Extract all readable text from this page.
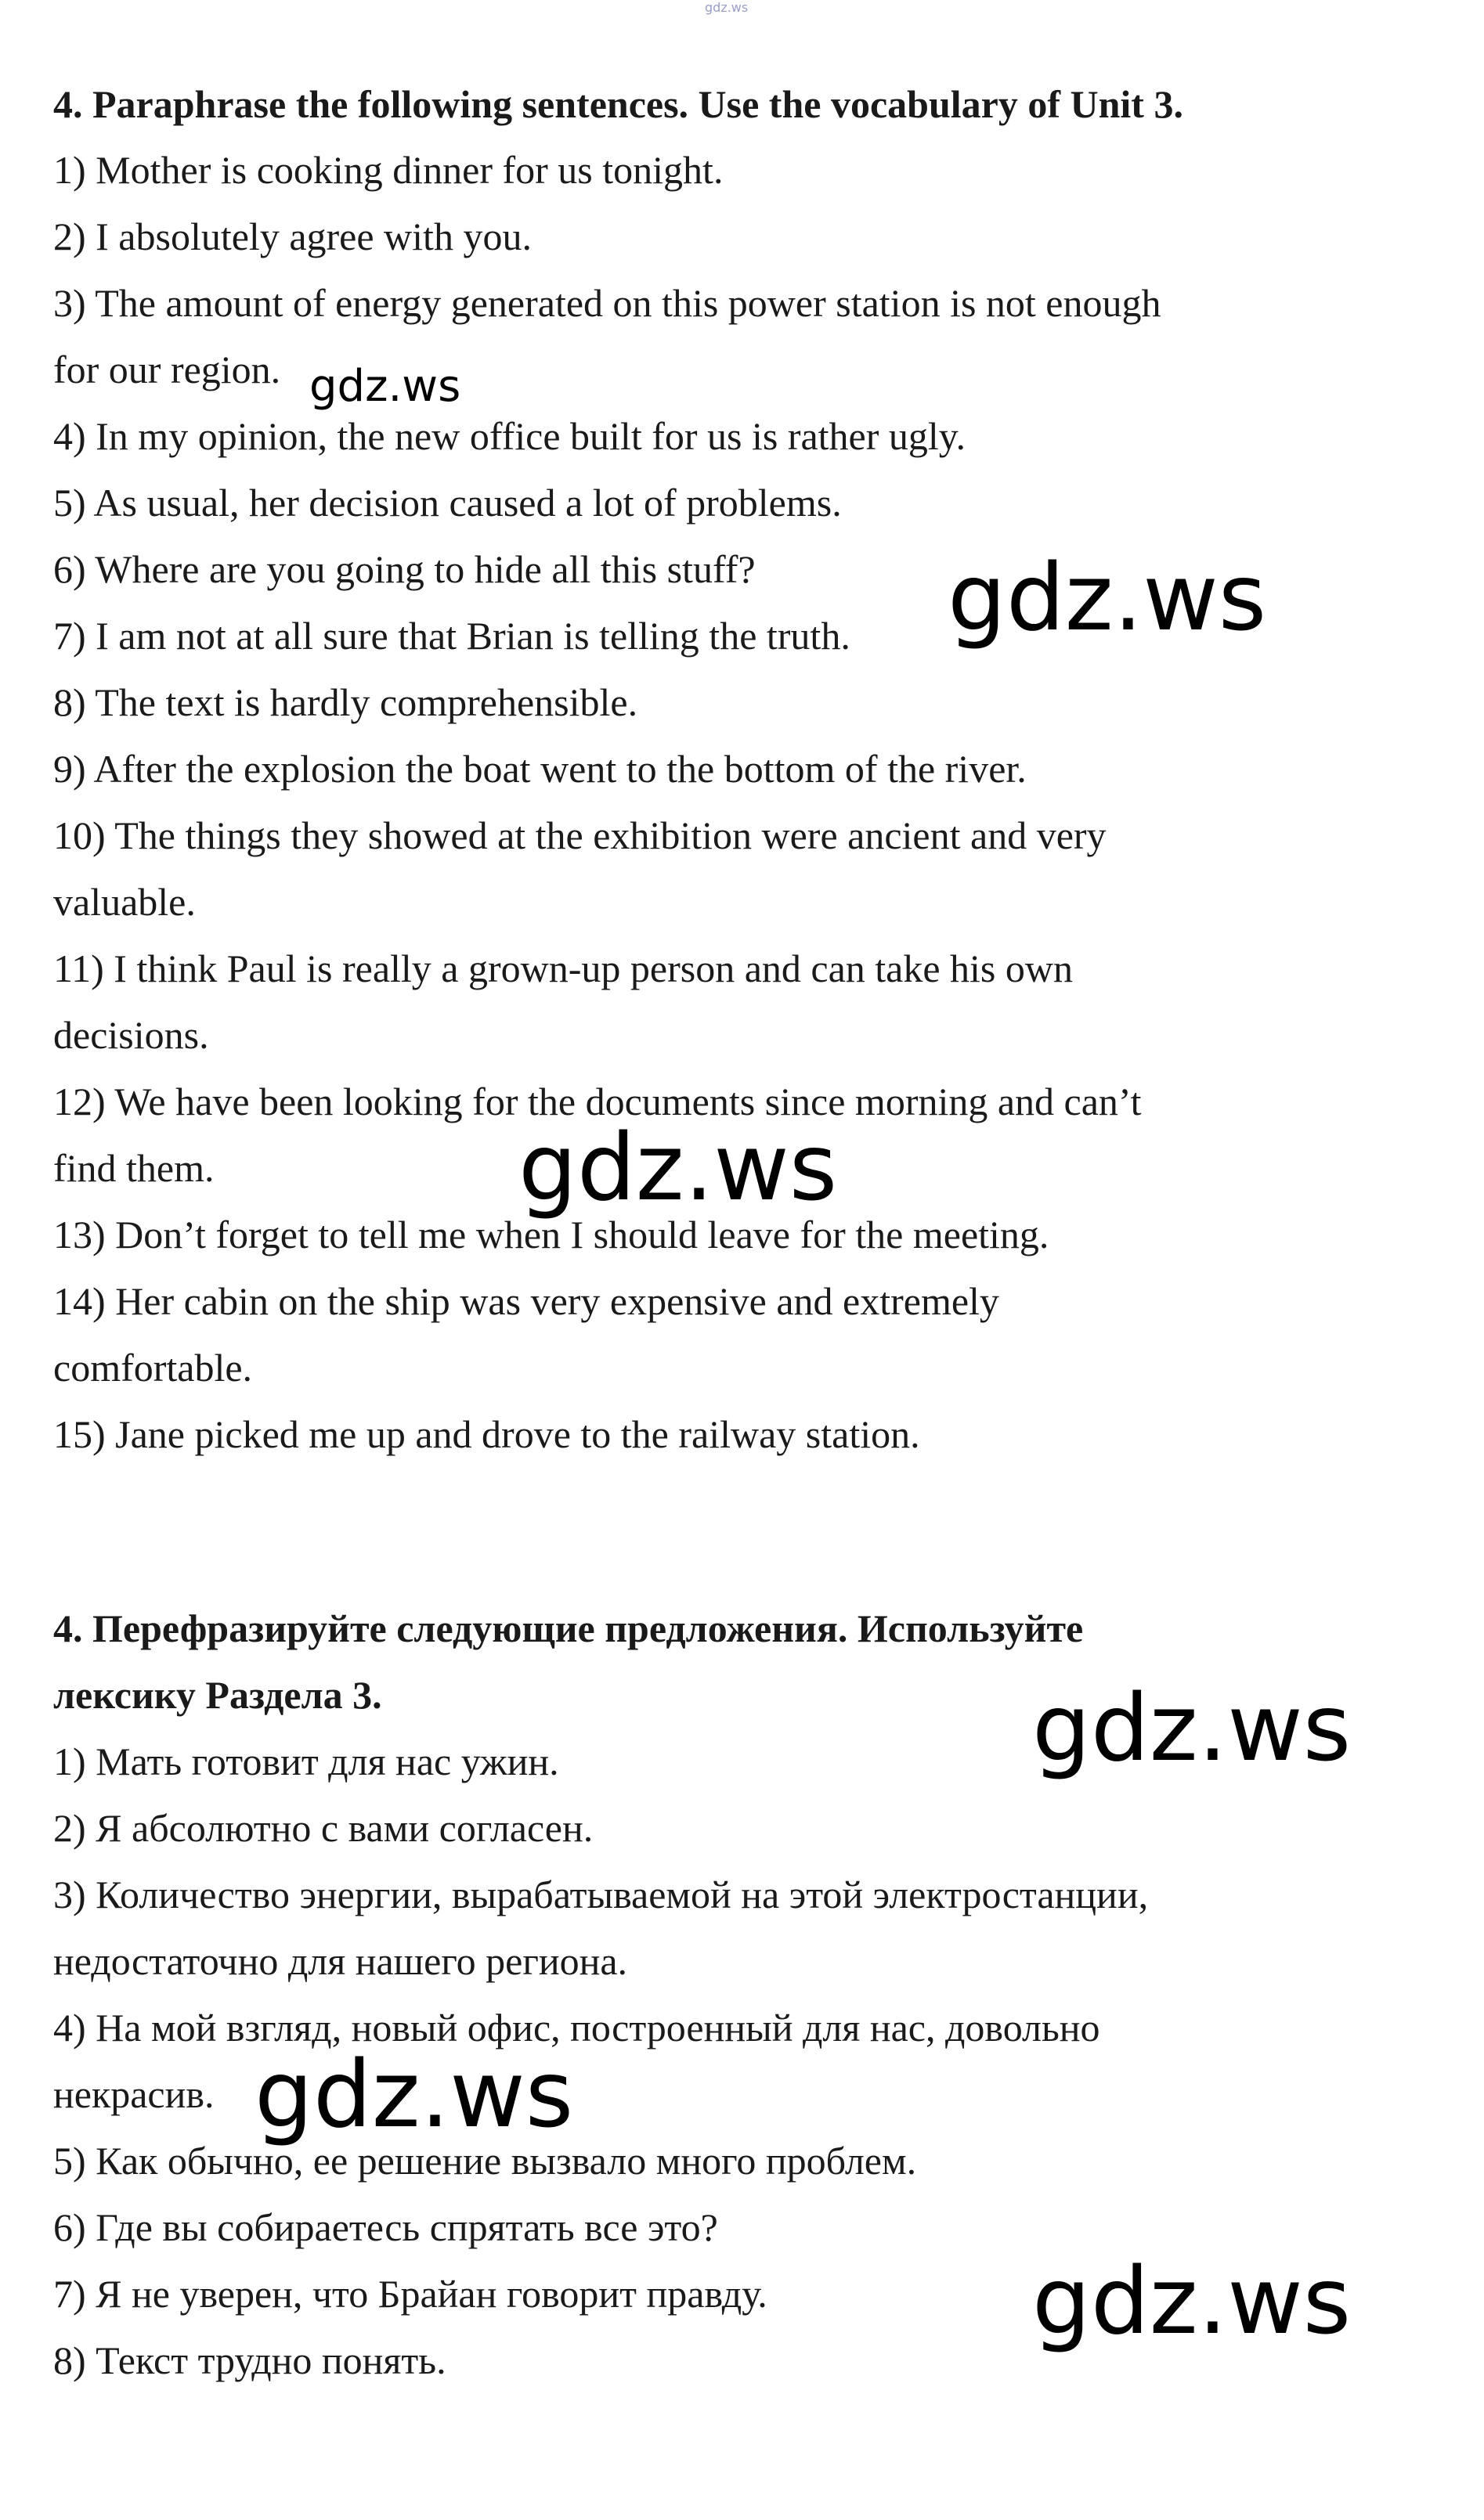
gdz.ws

4. Paraphrase the following sentences. Use the vocabulary of Unit 3.

1) Mother is cooking dinner for us tonight.

2) I absolutely agree with you.

3) The amount of energy generated on this power station is not enough

for our region.

4) In my opinion, the new office built for us is rather ugly.

5) As usual, her decision caused a lot of problems.

6) Where are you going to hide all this stuff?

7) I am not at all sure that Brian is telling the truth.

8) The text is hardly comprehensible.

9) After the explosion the boat went to the bottom of the river.

10) The things they showed at the exhibition were ancient and very

valuable.

11) I think Paul is really a grown-up person and can take his own

decisions.

12) We have been looking for the documents since morning and can’t

find them.

13) Don’t forget to tell me when I should leave for the meeting.

14) Her cabin on the ship was very expensive and extremely

comfortable.

15) Jane picked me up and drove to the railway station.

4. Перефразируйте следующие предложения. Используйте

лексику Раздела 3.

1) Мать готовит для нас ужин.

2) Я абсолютно с вами согласен.

3) Количество энергии, вырабатываемой на этой электростанции,

недостаточно для нашего региона.

4) На мой взгляд, новый офис, построенный для нас, довольно

некрасив.

5) Как обычно, ее решение вызвало много проблем.

6) Где вы собираетесь спрятать все это?

7) Я не уверен, что Брайан говорит правду.

8) Текст трудно понять.

gdz.ws
gdz.ws
gdz.ws
gdz.ws
gdz.ws
gdz.ws
